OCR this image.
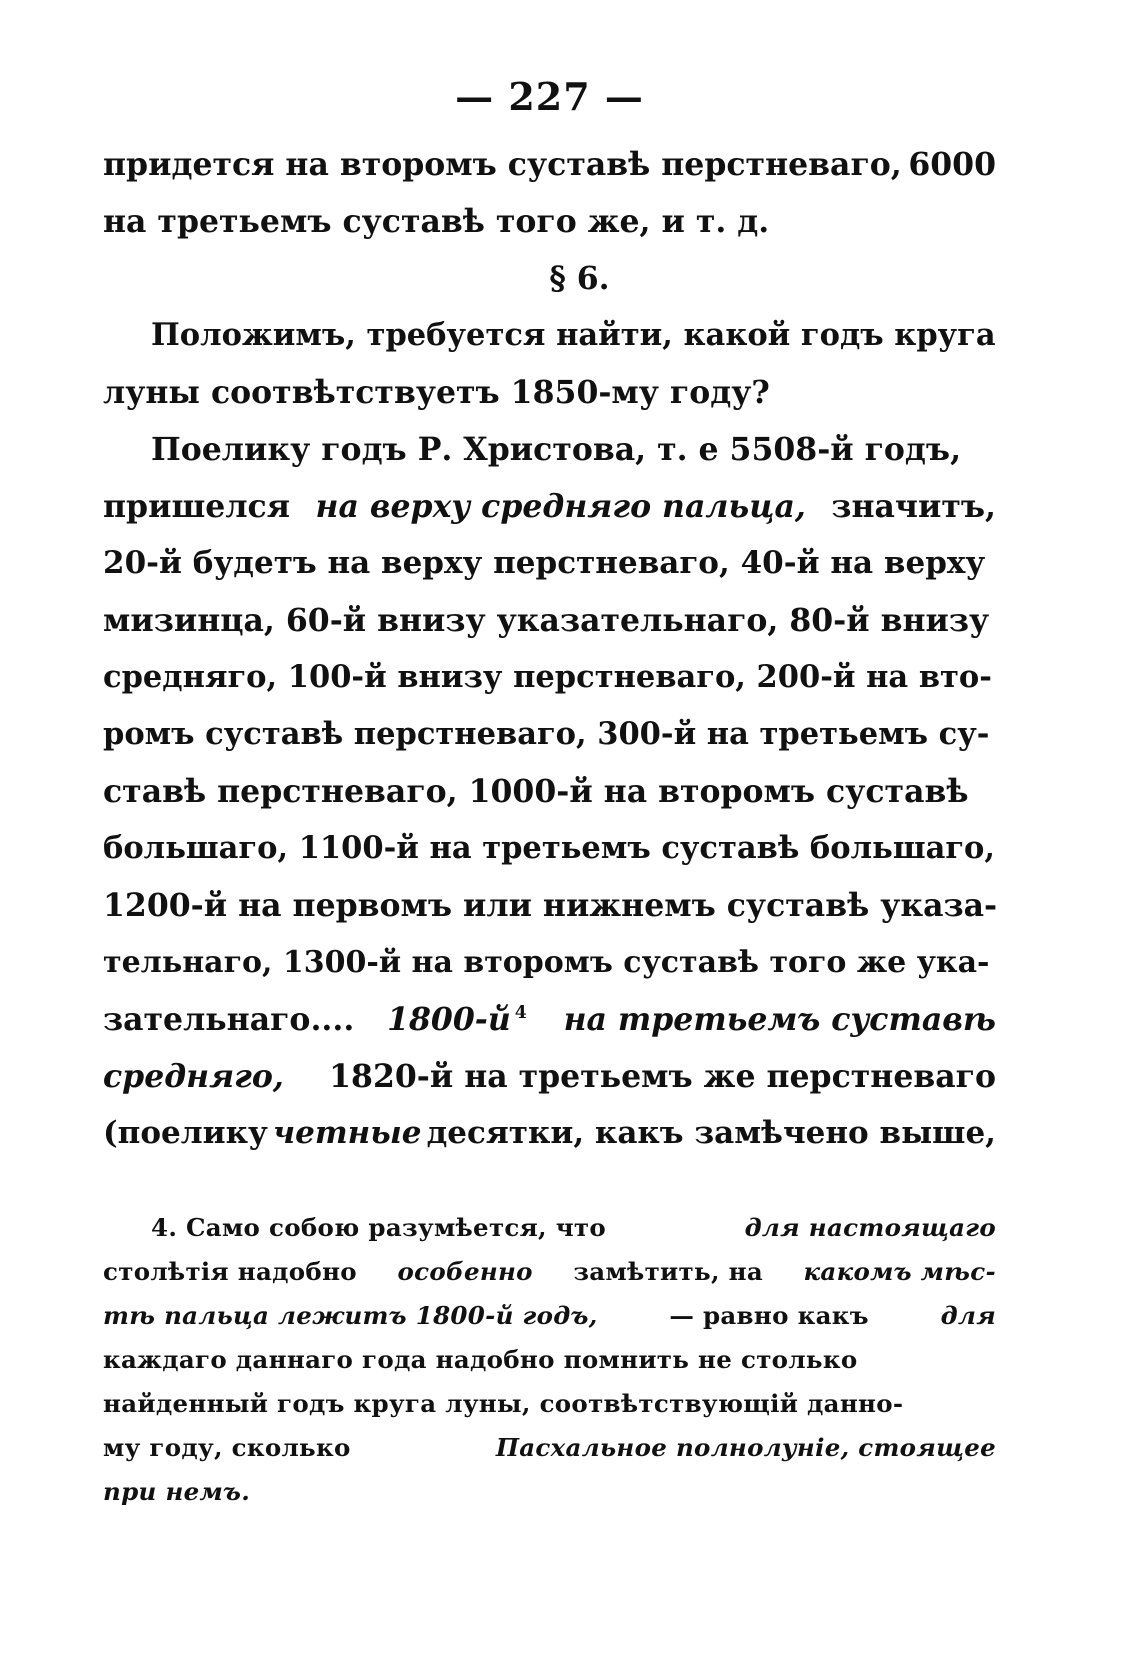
— 227 —
придется на второмъ суставѣ перстневаго, 6000
на третьемъ суставѣ того же, и т. д.
§ 6.
Положимъ, требуется найти, какой годъ круга
луны соотвѣтствуетъ 1850-му году?
Поелику годъ Р. Христова, т. е 5508-й годъ,
пришелся на верху средняго пальца, значитъ,
20-й будетъ на верху перстневаго, 40-й на верху
мизинца, 60-й внизу указательнаго, 80-й внизу
средняго, 100-й внизу перстневаго, 200-й на вто-
ромъ суставѣ перстневаго, 300-й на третьемъ су-
ставѣ перстневаго, 1000-й на второмъ суставѣ
большаго, 1100-й на третьемъ суставѣ большаго,
1200-й на первомъ или нижнемъ суставѣ указа-
тельнаго, 1300-й на второмъ суставѣ того же ука-
зательнаго.... 1800-й $^4$ на третьемъ суставѣ
средняго, 1820-й на третьемъ же перстневаго
(поелику четные десятки, какъ замѣчено выше,
4. Само собою разумѣется, что	для настоящаго
столѣтія надобно особенно замѣтить, на какомъ мѣс-
тѣ пальца лежитъ 1800-й годъ,	— равно какъ	для
каждаго даннаго года надобно помнить не столько
найденный годъ круга луны, соотвѣтствующій данно-
му году, сколько	Пасхальное полнолуніе, стоящее
при немъ.
